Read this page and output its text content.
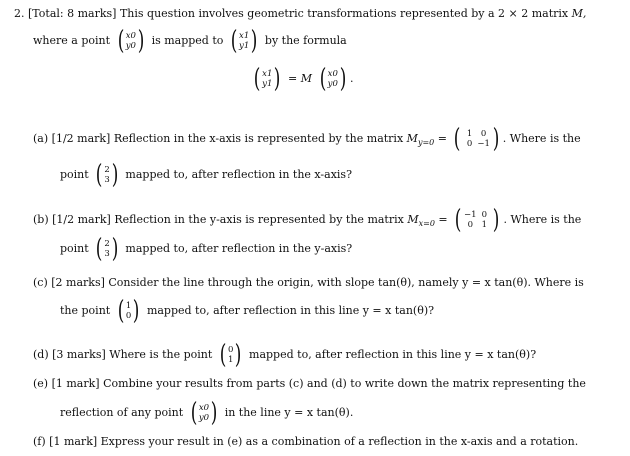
2. [Total: 8 marks] This question involves geometric transformations represented by a 2 × 2 matrix M,
where a point ( x0
y0) is mapped to ( x1
y1) by the formula
( x1
y1) = M ( x0
y0) .
(a) [1/2 mark] Reflection in the x-axis is represented by the matrix $M_{y=0}$ = ( 1 0
0 −1) . Where is the
point ( 2
3) mapped to, after reflection in the x-axis?
(b) [1/2 mark] Reflection in the y-axis is represented by the matrix $M_{x=0}$ = ( −1 0
0 1 ) . Where is the
point ( 2
3) mapped to, after reflection in the y-axis?
(c) [2 marks] Consider the line through the origin, with slope tan(θ), namely y = x tan(θ). Where is
the point ( 1
0) mapped to, after reflection in this line y = x tan(θ)?
(d) [3 marks] Where is the point ( 0
1) mapped to, after reflection in this line y = x tan(θ)?
(e) [1 mark] Combine your results from parts (c) and (d) to write down the matrix representing the
reflection of any point ( x0
y0) in the line y = x tan(θ).
(f) [1 mark] Express your result in (e) as a combination of a reflection in the x-axis and a rotation.
